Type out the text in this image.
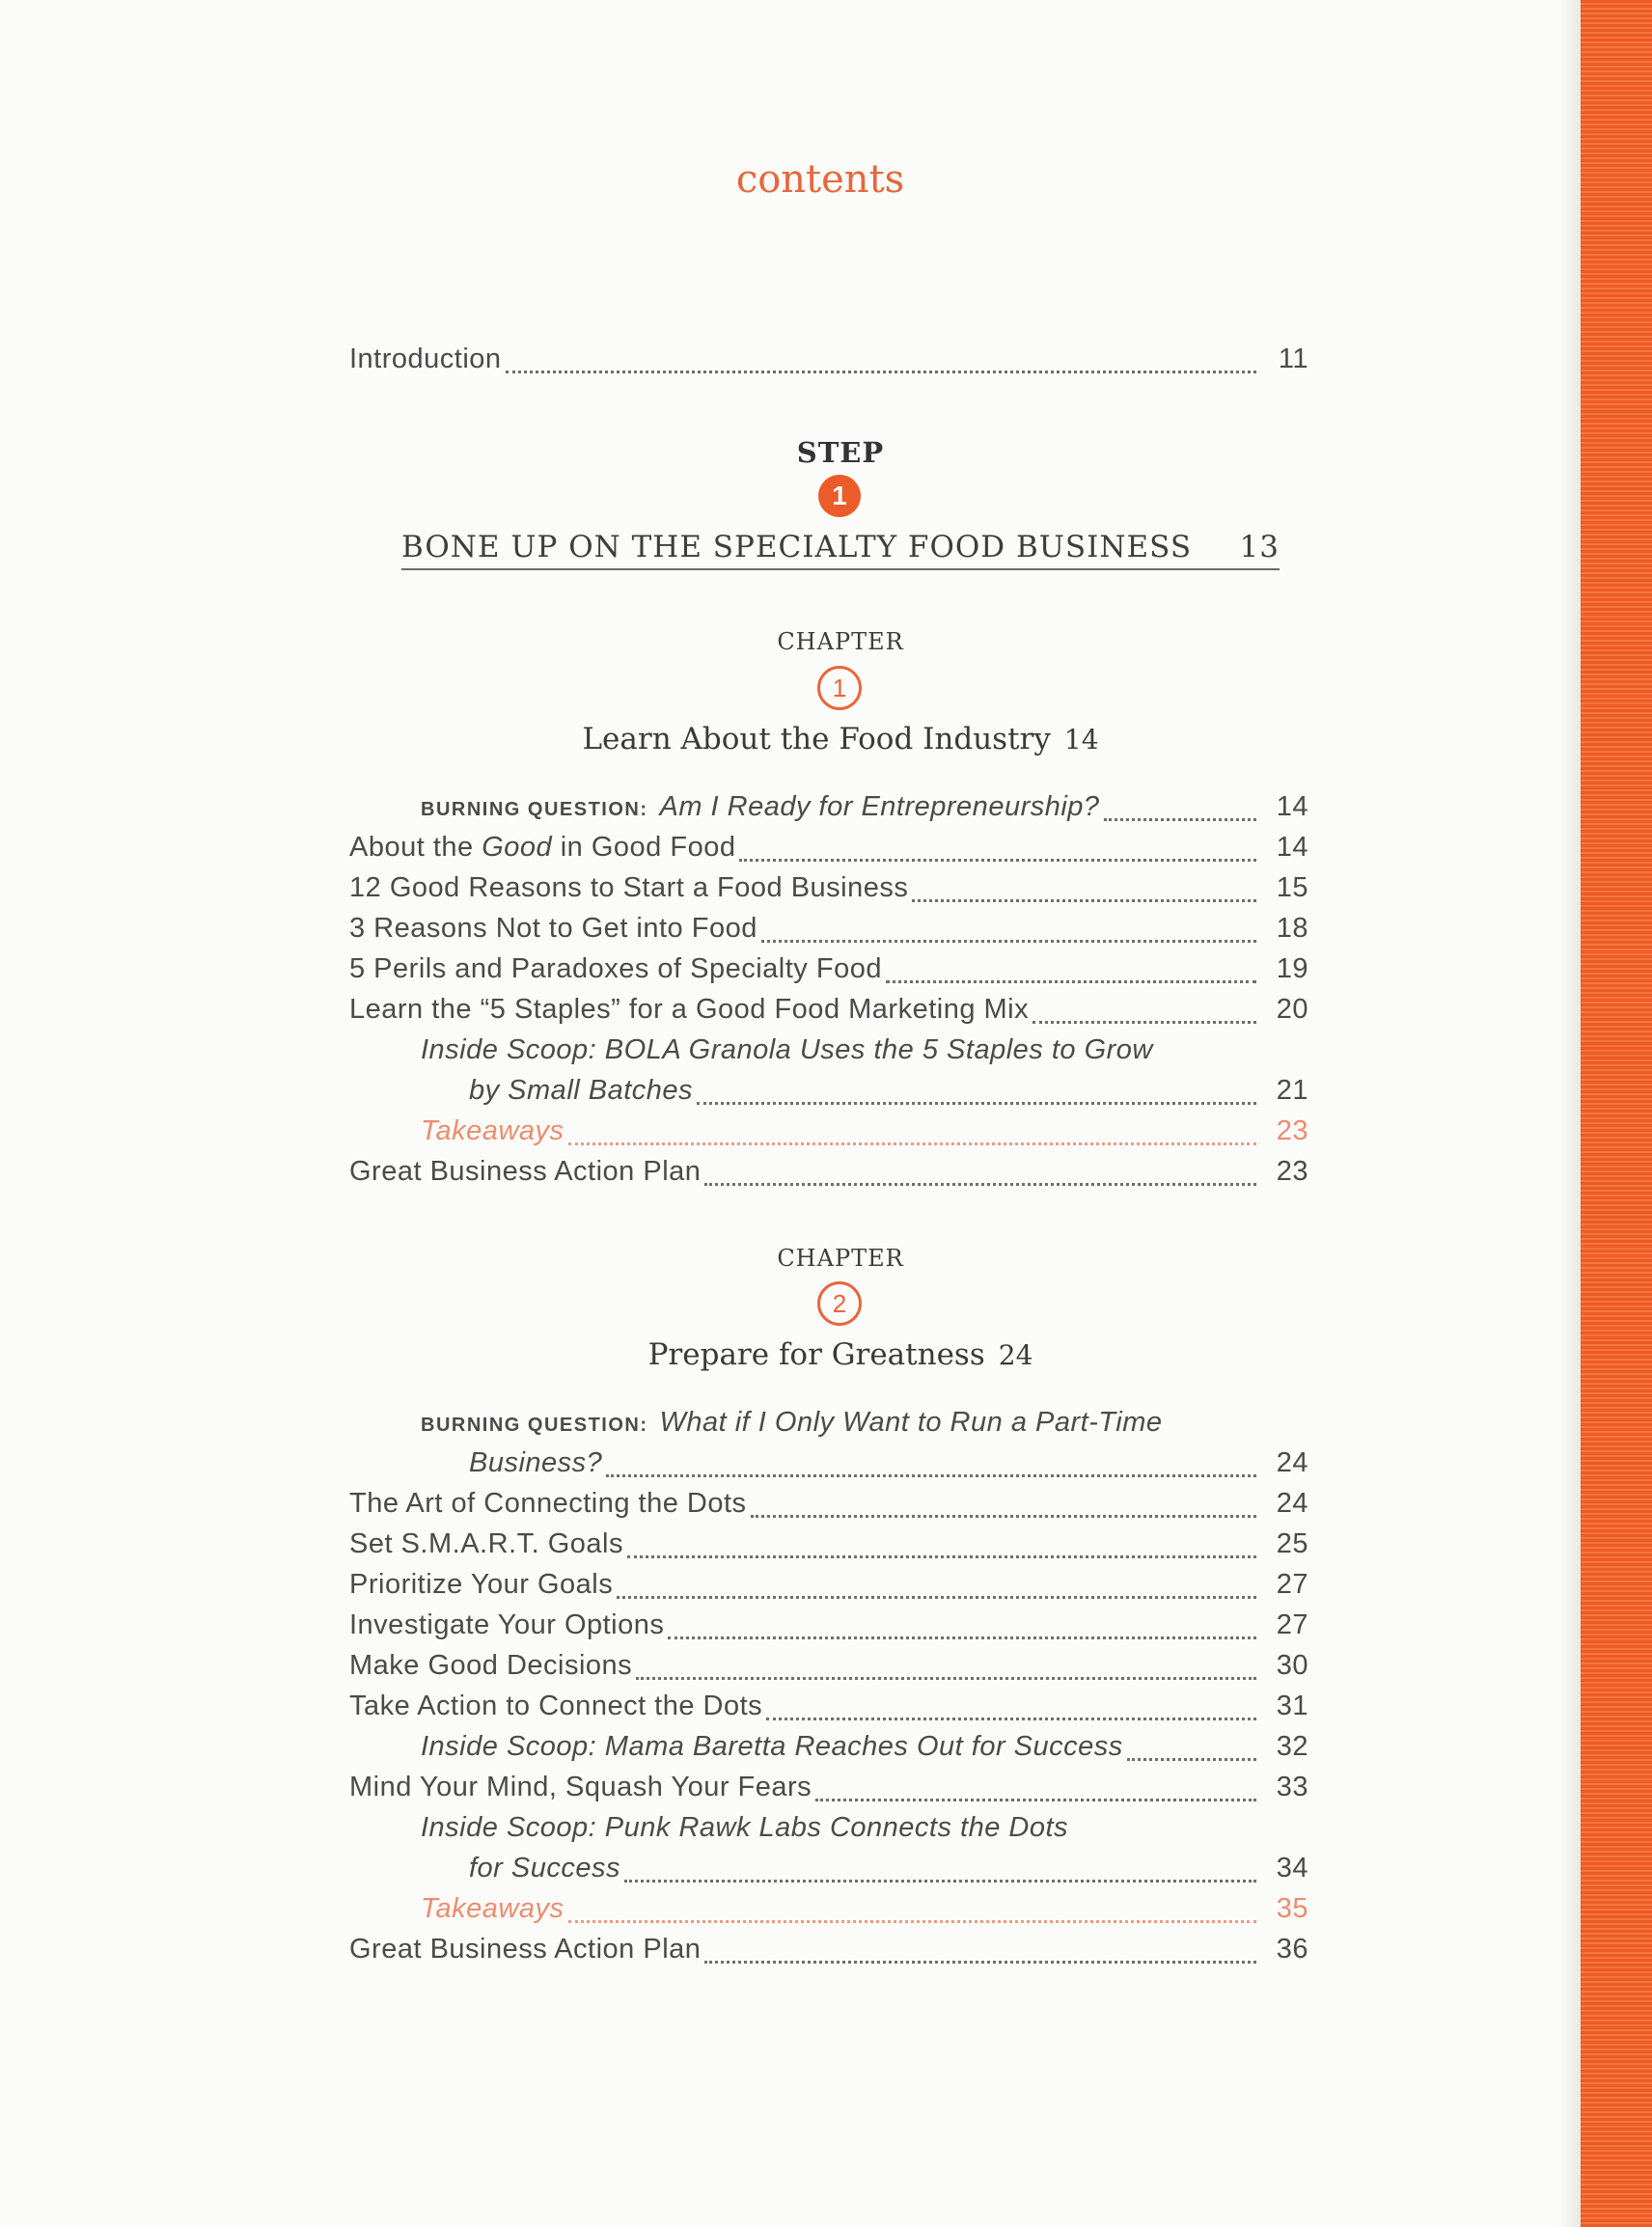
contents
Introduction	11
STEP
1
BONE UP ON THE SPECIALTY FOOD BUSINESS 13
CHAPTER
1
Learn About the Food Industry 14
BURNING QUESTION: Am I Ready for Entrepreneurship?	14
About the Good in Good Food	14
12 Good Reasons to Start a Food Business	15
3 Reasons Not to Get into Food	18
5 Perils and Paradoxes of Specialty Food	19
Learn the “5 Staples” for a Good Food Marketing Mix	20
Inside Scoop: BOLA Granola Uses the 5 Staples to Grow
by Small Batches	21
Takeaways	23
Great Business Action Plan	23
CHAPTER
2
Prepare for Greatness 24
BURNING QUESTION: What if I Only Want to Run a Part-Time
Business?	24
The Art of Connecting the Dots	24
Set S.M.A.R.T. Goals	25
Prioritize Your Goals	27
Investigate Your Options	27
Make Good Decisions	30
Take Action to Connect the Dots	31
Inside Scoop: Mama Baretta Reaches Out for Success	32
Mind Your Mind, Squash Your Fears	33
Inside Scoop: Punk Rawk Labs Connects the Dots
for Success	34
Takeaways	35
Great Business Action Plan	36
